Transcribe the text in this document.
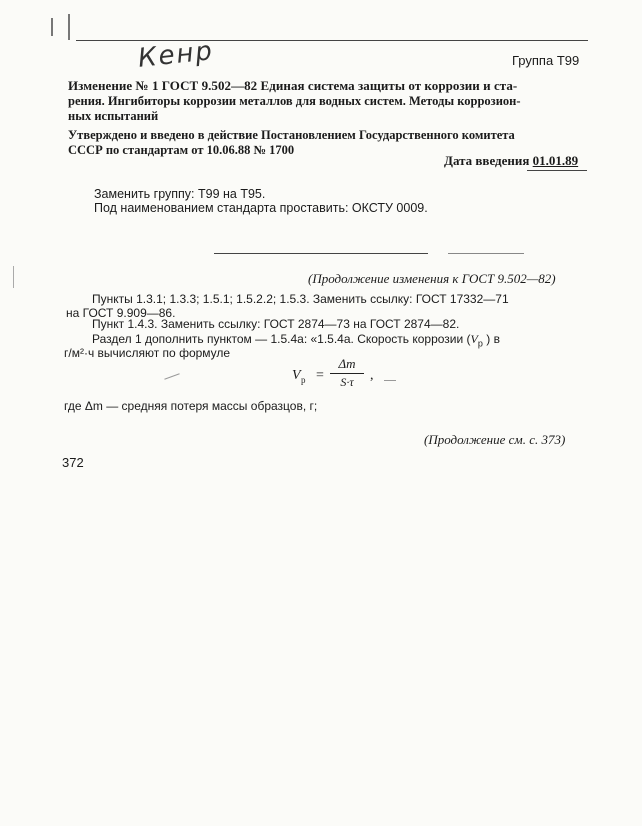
Кенр	Группа Т99
Изменение № 1 ГОСТ 9.502—82 Единая система защиты от коррозии и ста-
рения. Ингибиторы коррозии металлов для водных систем. Методы коррозион-
ных испытаний
Утверждено и введено в действие Постановлением Государственного комитета
СССР по стандартам от 10.06.88 № 1700
Дата введения 01.01.89
Заменить группу: Т99 на Т95.
Под наименованием стандарта проставить: ОКСТУ 0009.
(Продолжение изменения к ГОСТ 9.502—82)
Пункты 1.3.1; 1.3.3; 1.5.1; 1.5.2.2; 1.5.3. Заменить ссылку: ГОСТ 17332—71
на ГОСТ 9.909—86.
Пункт 1.4.3. Заменить ссылку: ГОСТ 2874—73 на ГОСТ 2874—82.
Раздел 1 дополнить пунктом — 1.5.4а: «1.5.4а. Скорость коррозии ($V_р$ ) в
г/м²·ч вычисляют по формуле
V р =
Δm
S·τ	,
где Δm — средняя потеря массы образцов, г;
(Продолжение см. с. 373)
372
